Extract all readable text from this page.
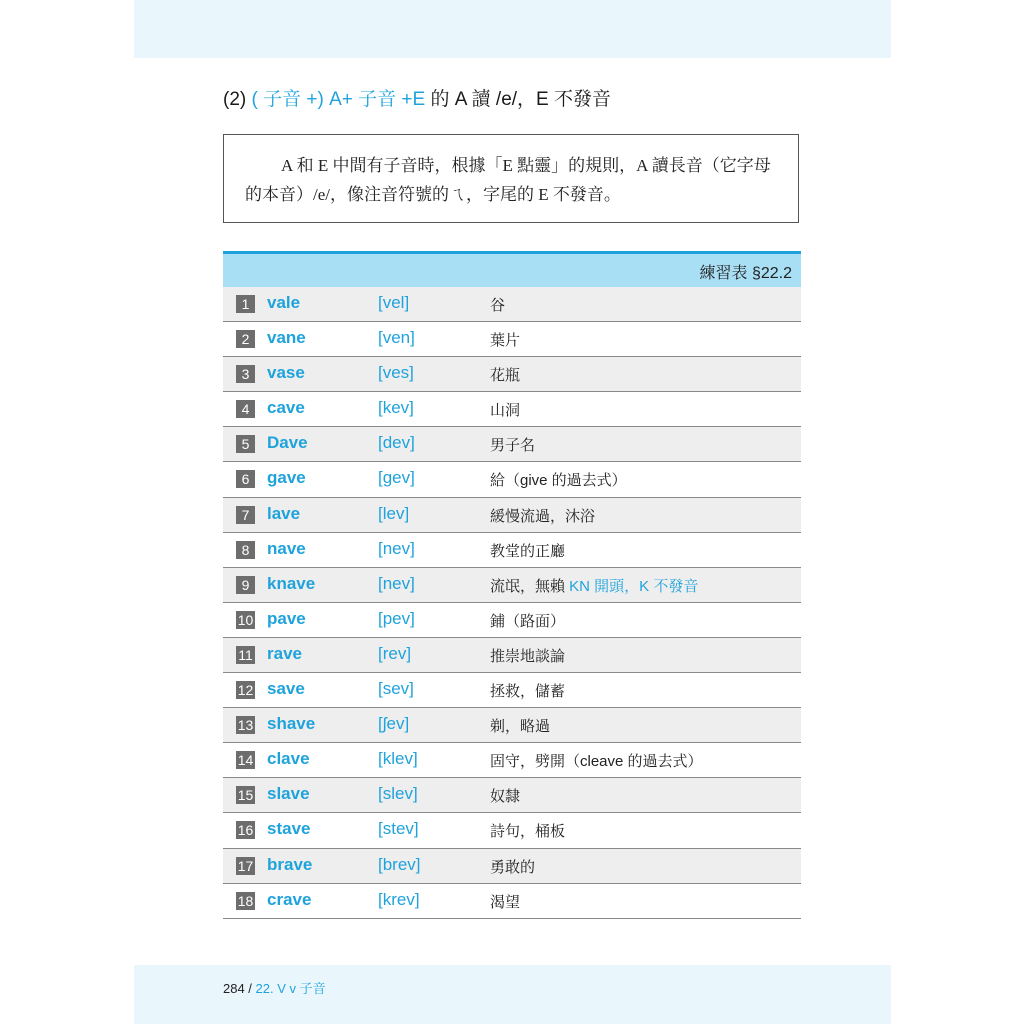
(2) ( 子音 +) A+ 子音 +E 的 A 讀 /e/，E 不發音
A 和 E 中間有子音時，根據「E 點靈」的規則，A 讀長音（它字母的本音）/e/，像注音符號的ㄟ，字尾的 E 不發音。
練習表 §22.2
1	vale	[vel]	谷
2	vane	[ven]	葉片
3	vase	[ves]	花瓶
4	cave	[kev]	山洞
5	Dave	[dev]	男子名
6	gave	[gev]	給（give 的過去式）
7	lave	[lev]	緩慢流過，沐浴
8	nave	[nev]	教堂的正廳
9	knave	[nev]	流氓，無賴 KN 開頭，K 不發音
10 pave	[pev]	鋪（路面）
11 rave	[rev]	推崇地談論
12 save	[sev]	拯救，儲蓄
13 shave	[ʃev]	剃，略過
14 clave	[klev]	固守，劈開（cleave 的過去式）
15 slave	[slev]	奴隸
16 stave	[stev]	詩句，桶板
17 brave	[brev]	勇敢的
18 crave	[krev]	渴望
284 / 22. V v 子音
